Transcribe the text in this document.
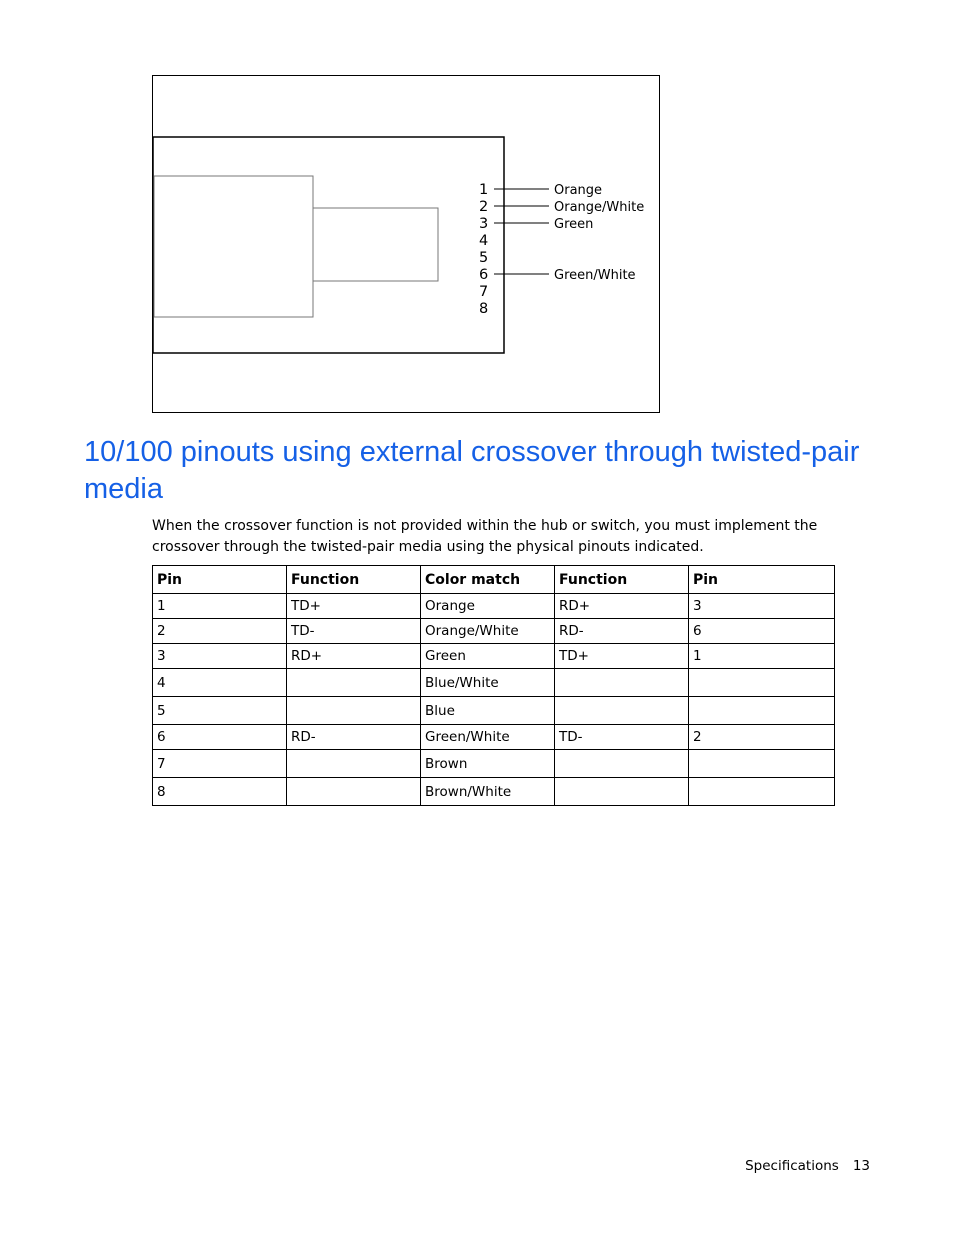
1
2
3
4
5
6
7
8
Orange
Orange/White
Green
Green/White
10/100 pinouts using external crossover through twisted-pair media

When the crossover function is not provided within the hub or switch, you must implement the crossover through the twisted-pair media using the physical pinouts indicated.

Pin	Function	Color match	Function	Pin
1	TD+	Orange	RD+	3
2	TD-	Orange/White	RD-	6
3	RD+	Green	TD+	1
4		Blue/White		
5		Blue		
6	RD-	Green/White	TD-	2
7		Brown		
8		Brown/White		
Specifications 13
